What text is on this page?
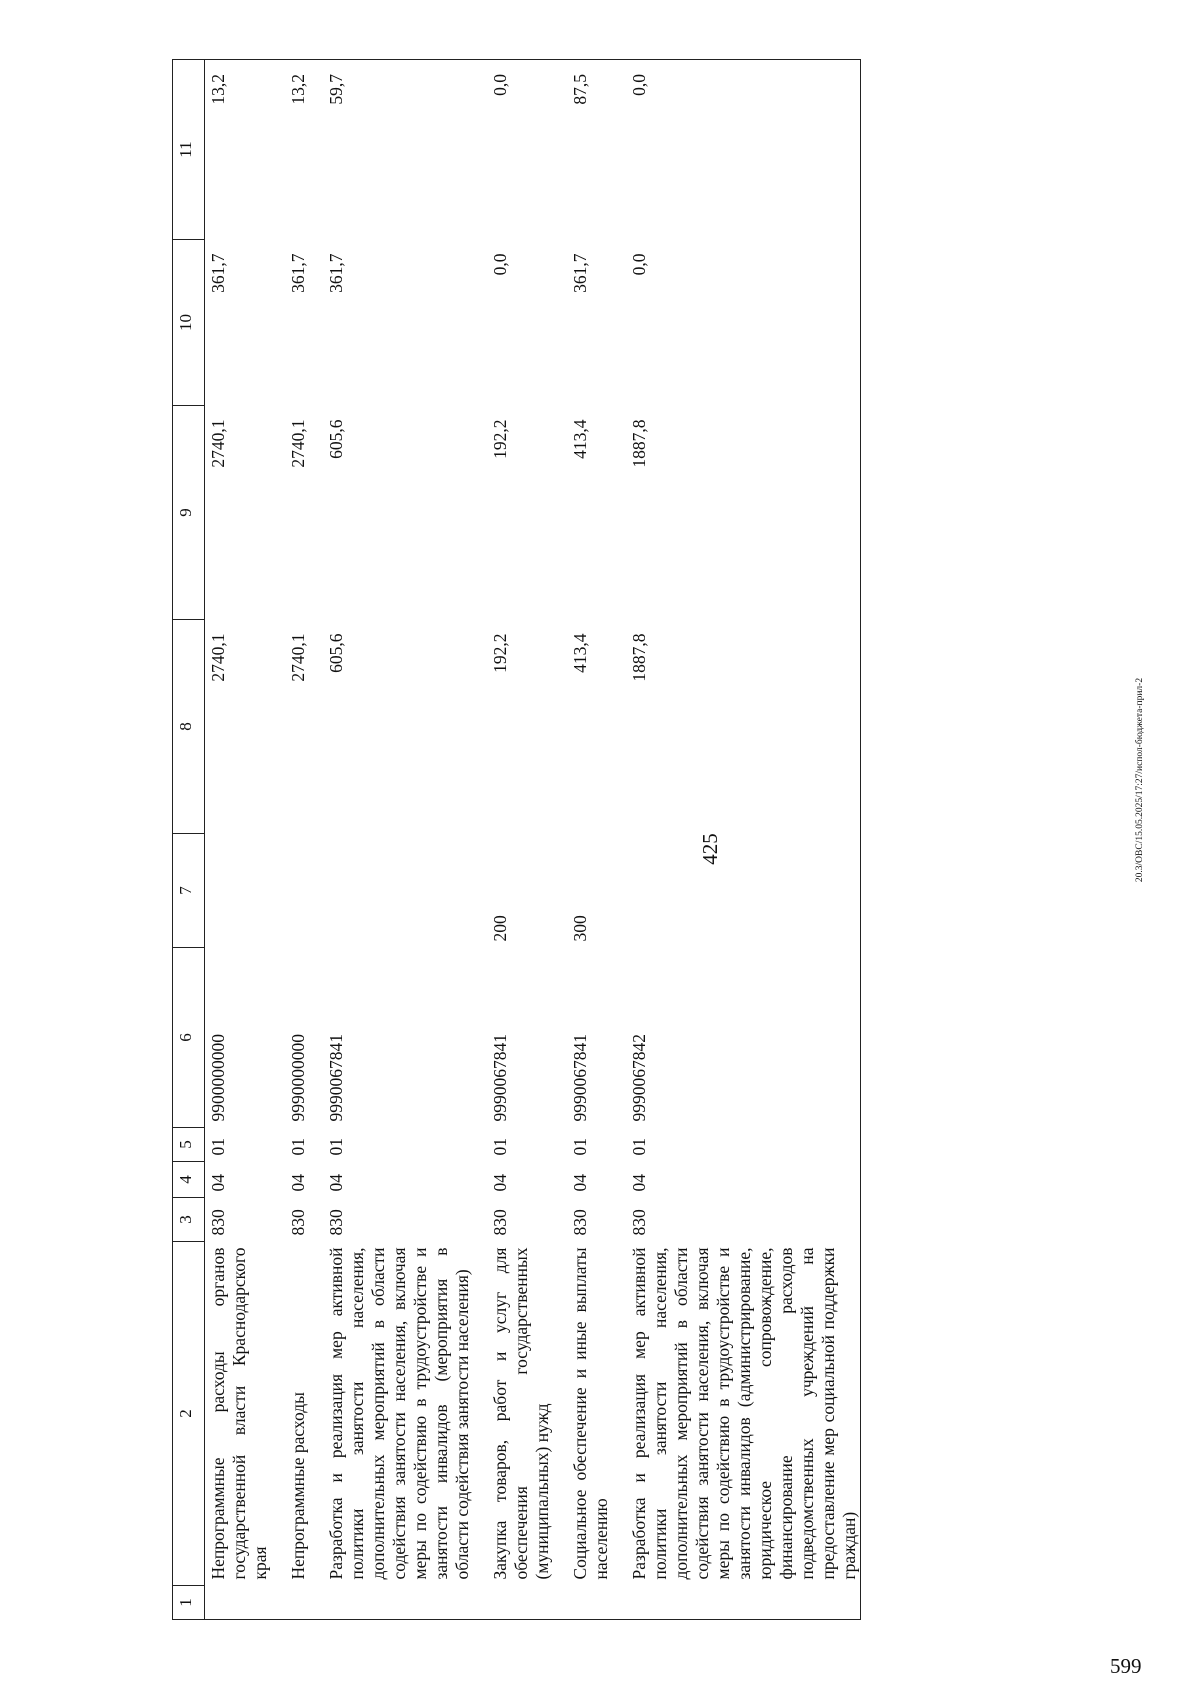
425
1	2	3	4	5	6	7	8	9	10	11
	Непрограммные расходы органов государственной власти Краснодарского края	830	04	01	9900000000		2740,1	2740,1	361,7	13,2
	Непрограммные расходы	830	04	01	9990000000		2740,1	2740,1	361,7	13,2
	Разработка и реализация мер активной политики занятости населения, дополнительных мероприятий в области содействия занятости населения, включая меры по содействию в трудоустройстве и занятости инвалидов (мероприятия в области содействия занятости населения)	830	04	01	9990067841		605,6	605,6	361,7	59,7
	Закупка товаров, работ и услуг для обеспечения государственных (муниципальных) нужд	830	04	01	9990067841	200	192,2	192,2	0,0	0,0
	Социальное обеспечение и иные выплаты населению	830	04	01	9990067841	300	413,4	413,4	361,7	87,5
	Разработка и реализация мер активной политики занятости населения, дополнительных мероприятий в области содействия занятости населения, включая меры по содействию в трудоустройстве и занятости инвалидов (администрирование, юридическое сопровождение, финансирование расходов подведомственных учреждений на предоставление мер социальной поддержки граждан)	830	04	01	9990067842		1887,8	1887,8	0,0	0,0
20.3/OBC/15.05.2025/17:27/испол-бюджета-прил-2
599
